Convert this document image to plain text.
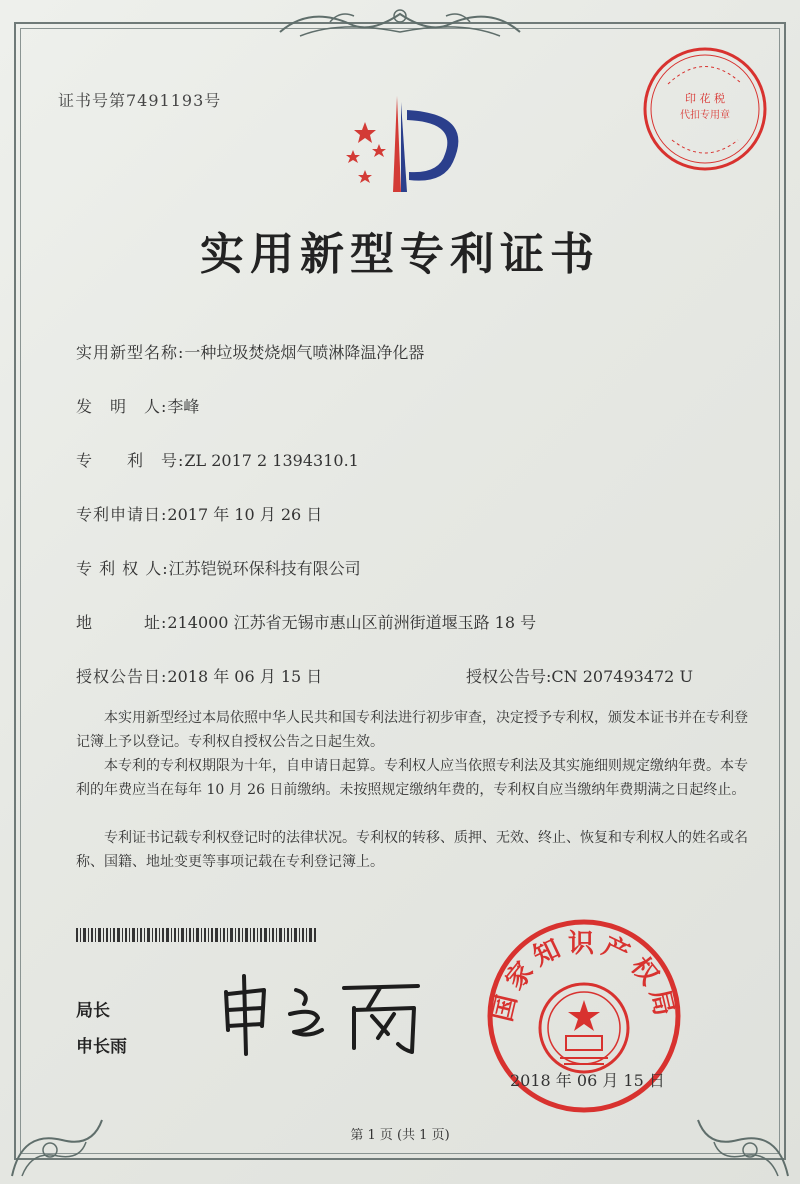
证书号第7491193号	印 花 税
代扣专用章
实用新型专利证书
实用新型名称:一种垃圾焚烧烟气喷淋降温净化器
发　明　人:李峰
专　　利　号:ZL 2017 2 1394310.1
专利申请日:2017 年 10 月 26 日
专 利 权 人:江苏铠锐环保科技有限公司
地　　　址:214000 江苏省无锡市惠山区前洲街道堰玉路 18 号
授权公告日:2018 年 06 月 15 日	授权公告号:CN 207493472 U
　　本实用新型经过本局依照中华人民共和国专利法进行初步审查，决定授予专利权，颁发本证书并在专利登记簿上予以登记。专利权自授权公告之日起生效。
　　本专利的专利权期限为十年，自申请日起算。专利权人应当依照专利法及其实施细则规定缴纳年费。本专利的年费应当在每年 10 月 26 日前缴纳。未按照规定缴纳年费的，专利权自应当缴纳年费期满之日起终止。
　　专利证书记载专利权登记时的法律状况。专利权的转移、质押、无效、终止、恢复和专利权人的姓名或名称、国籍、地址变更等事项记载在专利登记簿上。
局长
申长雨
国家知识产权局
2018 年 06 月 15 日
第 1 页 (共 1 页)
